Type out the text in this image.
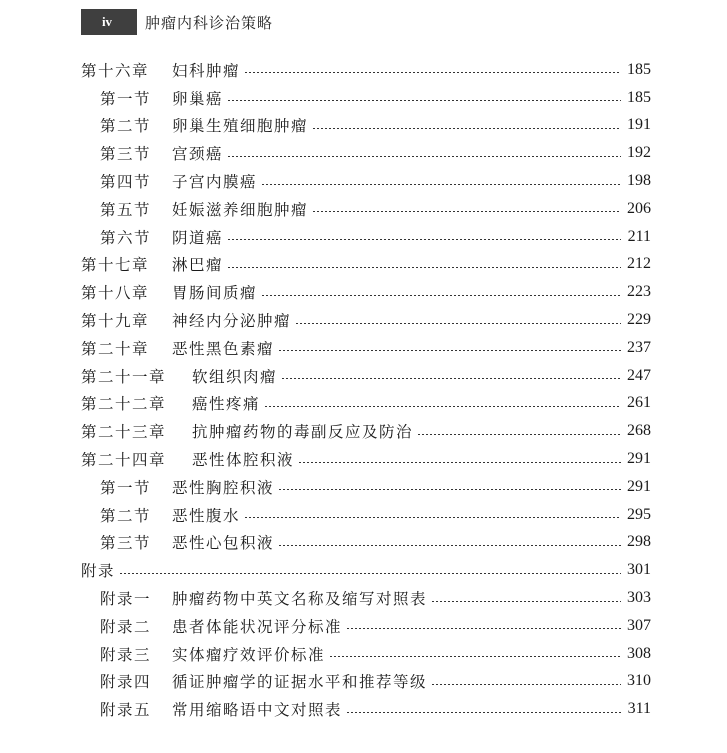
iv	肿瘤内科诊治策略
第十六章	妇科肿瘤	185
第一节	卵巢癌	185
第二节	卵巢生殖细胞肿瘤	191
第三节	宫颈癌	192
第四节	子宫内膜癌	198
第五节	妊娠滋养细胞肿瘤	206
第六节	阴道癌	211
第十七章	淋巴瘤	212
第十八章	胃肠间质瘤	223
第十九章	神经内分泌肿瘤	229
第二十章	恶性黑色素瘤	237
第二十一章	软组织肉瘤	247
第二十二章	癌性疼痛	261
第二十三章	抗肿瘤药物的毒副反应及防治	268
第二十四章	恶性体腔积液	291
第一节	恶性胸腔积液	291
第二节	恶性腹水	295
第三节	恶性心包积液	298
附录	301
附录一	肿瘤药物中英文名称及缩写对照表	303
附录二	患者体能状况评分标准	307
附录三	实体瘤疗效评价标准	308
附录四	循证肿瘤学的证据水平和推荐等级	310
附录五	常用缩略语中文对照表	311
